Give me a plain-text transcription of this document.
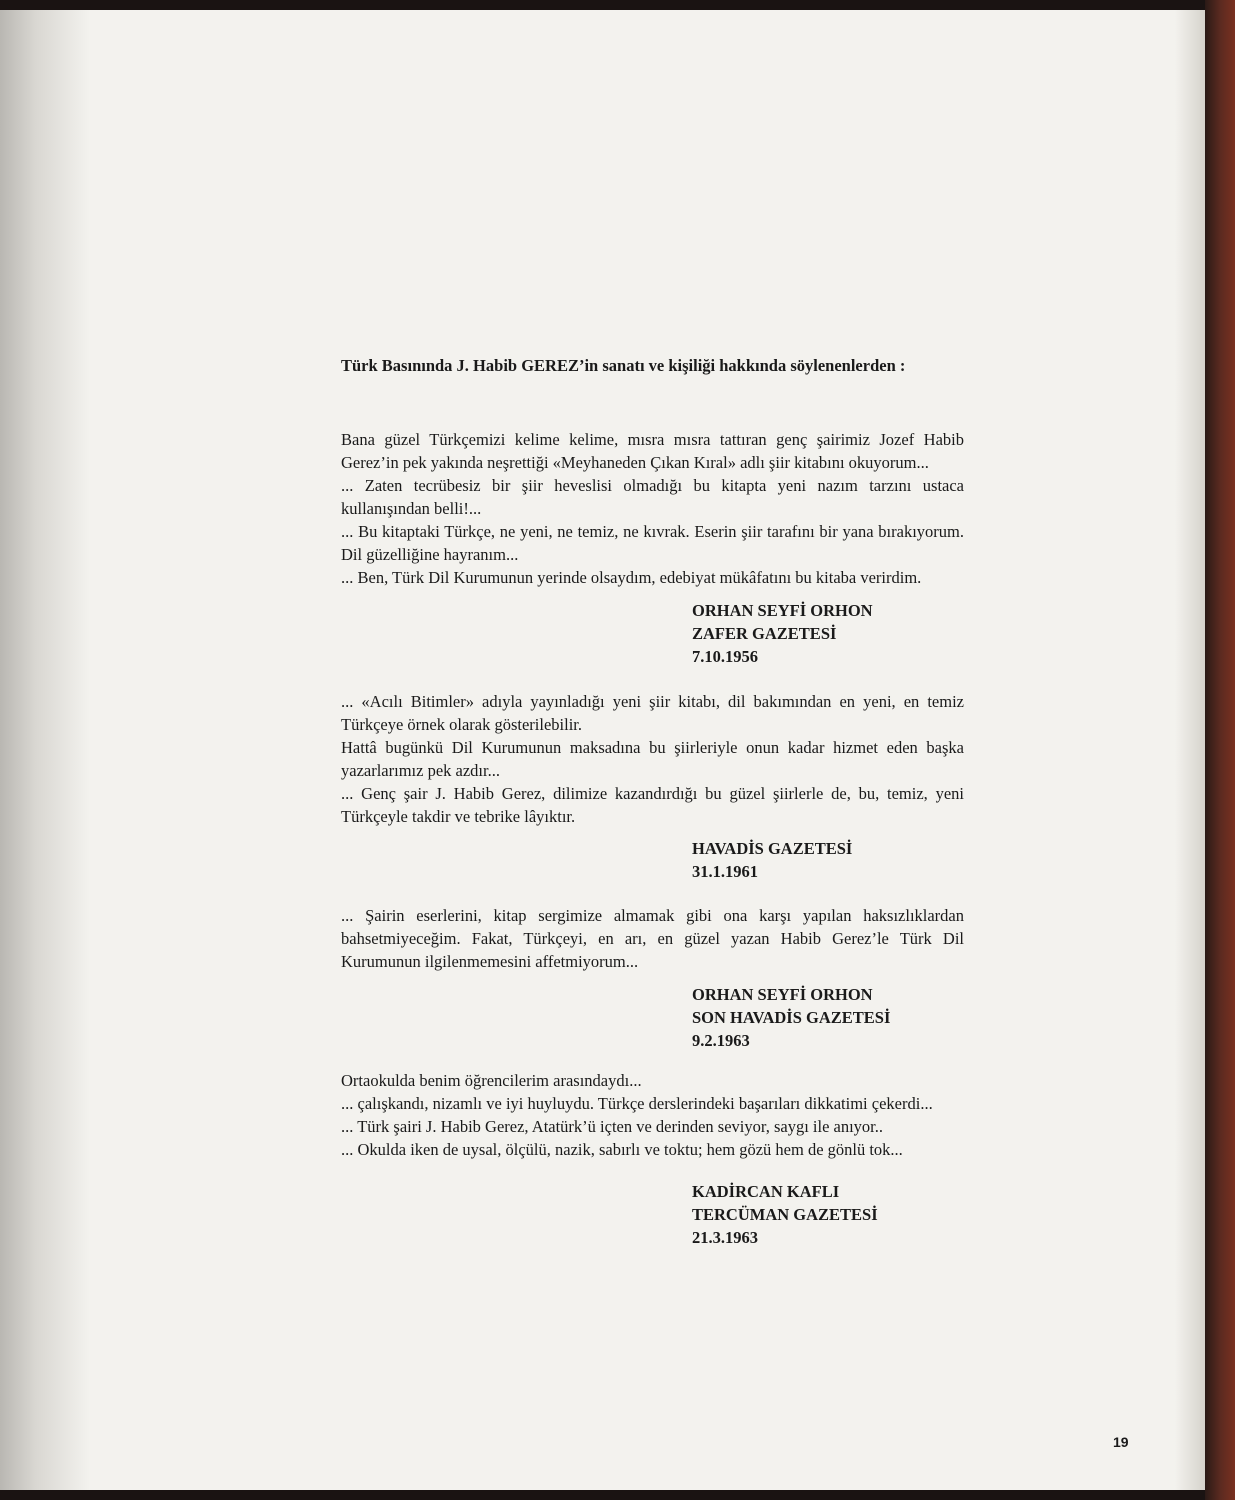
Türk Basınında J. Habib GEREZ’in sanatı ve kişiliği hakkında söylenenlerden :

Bana güzel Türkçemizi kelime kelime, mısra mısra tattıran genç şairimiz Jozef Habib Gerez’in pek yakında neşrettiği «Meyhaneden Çıkan Kıral» adlı şiir kitabını okuyorum...

... Zaten tecrübesiz bir şiir heveslisi olmadığı bu kitapta yeni nazım tarzını ustaca kullanışından belli!...

... Bu kitaptaki Türkçe, ne yeni, ne temiz, ne kıvrak. Eserin şiir tarafını bir yana bırakıyorum. Dil güzelliğine hayranım...

... Ben, Türk Dil Kurumunun yerinde olsaydım, edebiyat mükâfatını bu kitaba verirdim.

ORHAN SEYFİ ORHON
ZAFER GAZETESİ
7.10.1956

... «Acılı Bitimler» adıyla yayınladığı yeni şiir kitabı, dil bakımından en yeni, en temiz Türkçeye örnek olarak gösterilebilir.

Hattâ bugünkü Dil Kurumunun maksadına bu şiirleriyle onun kadar hizmet eden başka yazarlarımız pek azdır...

... Genç şair J. Habib Gerez, dilimize kazandırdığı bu güzel şiirlerle de, bu, temiz, yeni Türkçeyle takdir ve tebrike lâyıktır.

HAVADİS GAZETESİ
31.1.1961

... Şairin eserlerini, kitap sergimize almamak gibi ona karşı yapılan haksızlıklardan bahsetmiyeceğim. Fakat, Türkçeyi, en arı, en güzel yazan Habib Gerez’le Türk Dil Kurumunun ilgilenmemesini affetmiyorum...

ORHAN SEYFİ ORHON
SON HAVADİS GAZETESİ
9.2.1963

Ortaokulda benim öğrencilerim arasındaydı...

... çalışkandı, nizamlı ve iyi huyluydu. Türkçe derslerindeki başarıları dikkatimi çekerdi...

... Türk şairi J. Habib Gerez, Atatürk’ü içten ve derinden seviyor, saygı ile anıyor..

... Okulda iken de uysal, ölçülü, nazik, sabırlı ve toktu; hem gözü hem de gönlü tok...

KADİRCAN KAFLI
TERCÜMAN GAZETESİ
21.3.1963
19
